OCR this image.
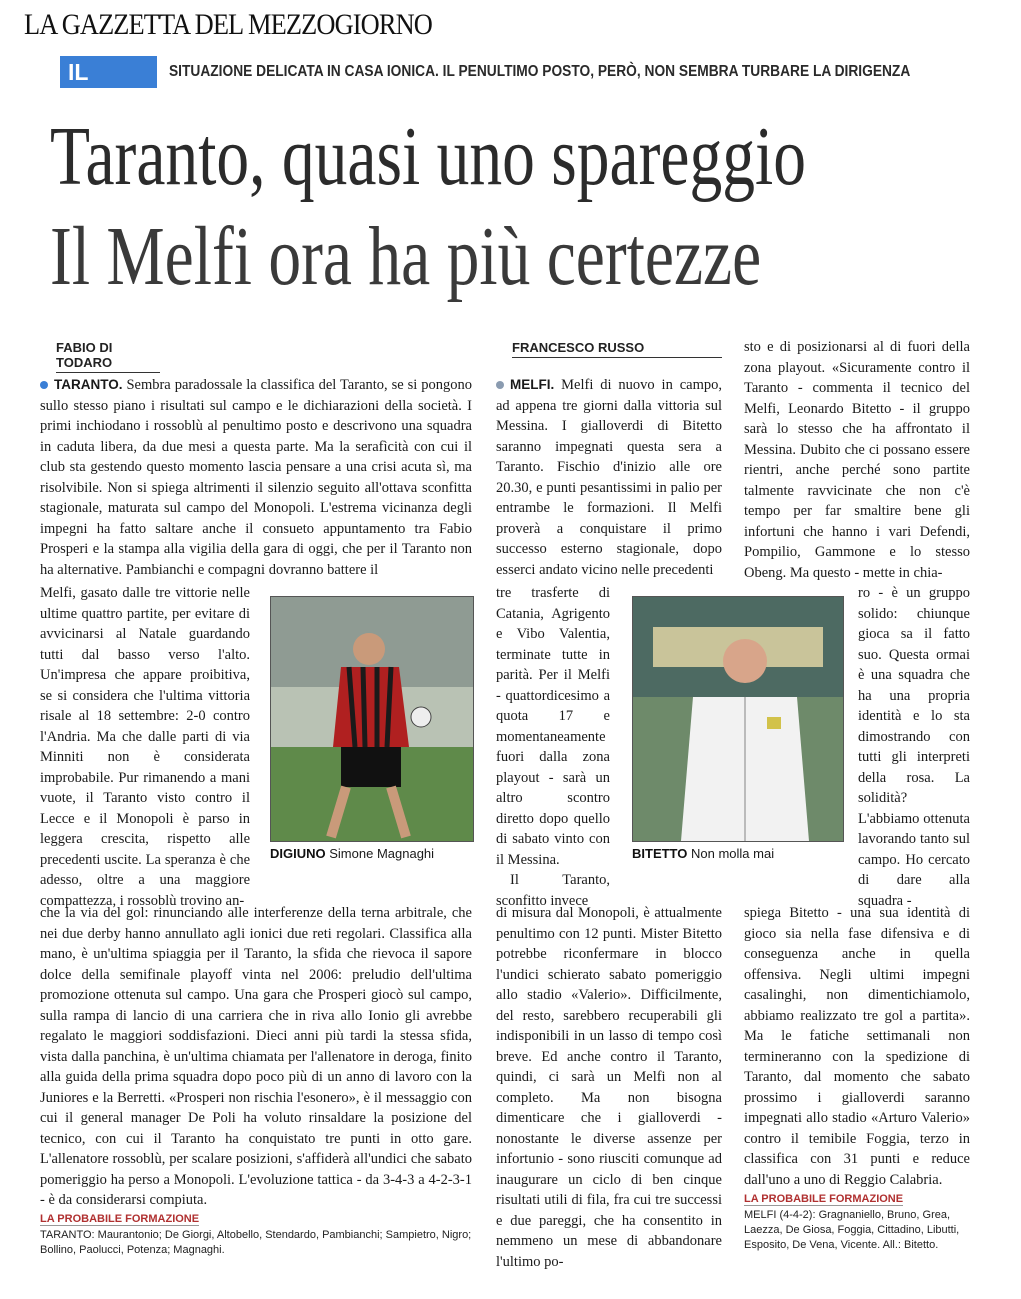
LA GAZZETTA DEL MEZZOGIORNO
IL DERBY
SITUAZIONE DELICATA IN CASA IONICA. IL PENULTIMO POSTO, PERÒ, NON SEMBRA TURBARE LA DIRIGENZA
Taranto, quasi uno spareggio
Il Melfi ora ha più certezze
FABIO DI TODARO

TARANTO. Sembra paradossale la classifica del Taranto, se si pongono sullo stesso piano i risultati sul campo e le dichiarazioni della società. I primi inchiodano i rossoblù al penultimo posto e descrivono una squadra in caduta libera, da due mesi a questa parte. Ma la serafìcità con cui il club sta gestendo questo momento lascia pensare a una crisi acuta sì, ma risolvibile. Non si spiega altrimenti il silenzio seguito all'ottava sconfitta stagionale, maturata sul campo del Monopoli. L'estrema vicinanza degli impegni ha fatto saltare anche il consueto appuntamento tra Fabio Prosperi e la stampa alla vigilia della gara di oggi, che per il Taranto non ha alternative. Pambianchi e compagni dovranno battere il

Melfi, gasato dalle tre vittorie nelle ultime quattro partite, per evitare di avvicinarsi al Natale guardando tutti dal basso verso l'alto. Un'impresa che appare proibitiva, se si considera che l'ultima vittoria risale al 18 settembre: 2-0 contro l'Andria. Ma che dalle parti di via Minniti non è considerata improbabile. Pur rimanendo a mani vuote, il Taranto visto contro il Lecce e il Monopoli è parso in leggera crescita, rispetto alle precedenti uscite. La speranza è che adesso, oltre a una maggiore compattezza, i rossoblù trovino an-

DIGIUNO Simone Magnaghi

che la via del gol: rinunciando alle interferenze della terna arbitrale, che nei due derby hanno annullato agli ionici due reti regolari. Classifica alla mano, è un'ultima spiaggia per il Taranto, la sfida che rievoca il sapore dolce della semifinale playoff vinta nel 2006: preludio dell'ultima promozione ottenuta sul campo. Una gara che Prosperi giocò sul campo, sulla rampa di lancio di una carriera che in riva allo Ionio gli avrebbe regalato le maggiori soddisfazioni. Dieci anni più tardi la stessa sfida, vista dalla panchina, è un'ultima chiamata per l'allenatore in deroga, finito alla guida della prima squadra dopo poco più di un anno di lavoro con la Juniores e la Berretti. «Prosperi non rischia l'esonero», è il messaggio con cui il general manager De Poli ha voluto rinsaldare la posizione del tecnico, con cui il Taranto ha conquistato tre punti in otto gare. L'allenatore rossoblù, per scalare posizioni, s'affiderà all'undici che sabato pomeriggio ha perso a Monopoli. L'evoluzione tattica - da 3-4-3 a 4-2-3-1 - è da considerarsi compiuta.

LA PROBABILE FORMAZIONE
TARANTO: Maurantonio; De Giorgi, Altobello, Stendardo, Pambianchi; Sampietro, Nigro; Bollino, Paolucci, Potenza; Magnaghi.
FRANCESCO RUSSO

MELFI. Melfi di nuovo in campo, ad appena tre giorni dalla vittoria sul Messina. I gialloverdi di Bitetto saranno impegnati questa sera a Taranto. Fischio d'inizio alle ore 20.30, e punti pesantissimi in palio per entrambe le formazioni. Il Melfi proverà a conquistare il primo successo esterno stagionale, dopo esserci andato vicino nelle precedenti

tre trasferte di Catania, Agrigento e Vibo Valentia, terminate tutte in parità. Per il Melfi - quattordicesimo a quota 17 e momentaneamente fuori dalla zona playout - sarà un altro scontro diretto dopo quello di sabato vinto con il Messina.

Il Taranto, sconfitto invece

BITETTO Non molla mai

di misura dal Monopoli, è attualmente penultimo con 12 punti. Mister Bitetto potrebbe riconfermare in blocco l'undici schierato sabato pomeriggio allo stadio «Valerio». Difficilmente, del resto, sarebbero recuperabili gli indisponibili in un lasso di tempo così breve. Ed anche contro il Taranto, quindi, ci sarà un Melfi non al completo. Ma non bisogna dimenticare che i gialloverdi - nonostante le diverse assenze per infortunio - sono riusciti comunque ad inaugurare un ciclo di ben cinque risultati utili di fila, fra cui tre successi e due pareggi, che ha consentito in nemmeno un mese di abbandonare l'ultimo po-

sto e di posizionarsi al di fuori della zona playout. «Sicuramente contro il Taranto - commenta il tecnico del Melfi, Leonardo Bitetto - il gruppo sarà lo stesso che ha affrontato il Messina. Dubito che ci possano essere rientri, anche perché sono partite talmente ravvicinate che non c'è tempo per far smaltire bene gli infortuni che hanno i vari Defendi, Pompilio, Gammone e lo stesso Obeng. Ma questo - mette in chia-

ro - è un gruppo solido: chiunque gioca sa il fatto suo. Questa ormai è una squadra che ha una propria identità e lo sta dimostrando con tutti gli interpreti della rosa. La solidità? L'abbiamo ottenuta lavorando tanto sul campo. Ho cercato di dare alla squadra -

spiega Bitetto - una sua identità di gioco sia nella fase difensiva e di conseguenza anche in quella offensiva. Negli ultimi impegni casalinghi, non dimentichiamolo, abbiamo realizzato tre gol a partita». Ma le fatiche settimanali non termineranno con la spedizione di Taranto, dal momento che sabato prossimo i gialloverdi saranno impegnati allo stadio «Arturo Valerio» contro il temibile Foggia, terzo in classifica con 31 punti e reduce dall'uno a uno di Reggio Calabria.

LA PROBABILE FORMAZIONE
MELFI (4-4-2): Gragnaniello, Bruno, Grea, Laezza, De Giosa, Foggia, Cittadino, Libutti, Esposito, De Vena, Vicente. All.: Bitetto.
